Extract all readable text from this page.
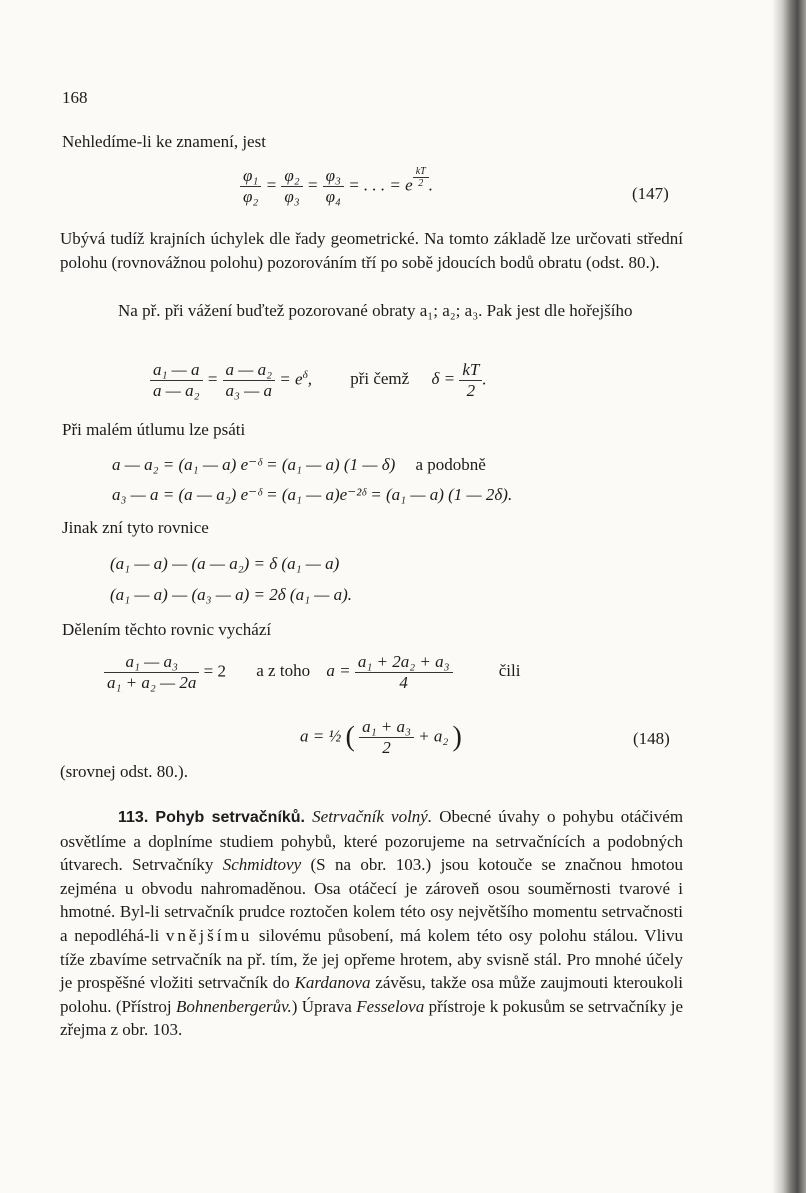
168
Nehledíme-li ke znamení, jest
$\frac{\text{φ₁}}{\text{φ₂}} = \frac{\text{φ₂}}{\text{φ₃}} = \frac{\text{φ₃}}{\text{φ₄}}$ = . . . = e $^{\frac{kT}{2}}$ .	(147)

Ubývá tudíž krajních úchylek dle řady geometrické. Na tomto základě lze určovati střední polohu (rovnovážnou polohu) pozorováním tří po sobě jdoucích bodů obratu (odst. 80.).

Na př. při vážení buďtež pozorované obraty a₁; a₂; a₃. Pak jest dle hořejšího

$\frac{\text{a₁ — a}}{\text{a — a₂}} = \frac{\text{a — a₂}}{\text{a₃ — a}} = e^\delta$, při čemž $\delta = \frac{kT}{2}$ .
Při malém útlumu lze psáti
a — a₂ = (a₁ — a) e⁻ᵟ = (a₁ — a) (1 — δ) a podobně
a₃ — a = (a — a₂) e⁻ᵟ = (a₁ — a)e⁻²ᵟ = (a₁ — a) (1 — 2δ).
Jinak zní tyto rovnice
(a₁ — a) — (a — a₂) = δ (a₁ — a)
(a₁ — a) — (a₃ — a) = 2δ (a₁ — a).
Dělením těchto rovnic vychází
$\frac{\text{a₁ — a₃}}{\text{a₁ + a₂ — 2a}} = 2$ a z toho $a = \frac{\text{a₁ + 2a₂ + a₃}}{4}$	čili
a = ½ ( $\frac{\text{a₁ + a₃}}{2} + a_2$ )	(148)
(srovnej odst. 80.).

113. Pohyb setrvačníků. Setrvačník volný. Obecné úvahy o pohybu otáčivém osvětlíme a doplníme studiem pohybů, které pozorujeme na setrvačnících a podobných útvarech. Setrvačníky Schmidtovy (S na obr. 103.) jsou kotouče se značnou hmotou zejména u obvodu nahromaděnou. Osa otáčecí je zároveň osou souměrnosti tvarové i hmotné. Byl-li setrvačník prudce roztočen kolem této osy největšího momentu setrvačnosti a nepodléhá-li vnějšímu silovému působení, má kolem této osy polohu stálou. Vlivu tíže zbavíme setrvačník na př. tím, že jej opřeme hrotem, aby svisně stál. Pro mnohé účely je prospěšné vložiti setrvačník do Kardanova závěsu, takže osa může zaujmouti kteroukoli polohu. (Přístroj Bohnenbergerův.) Úprava Fesselova přístroje k pokusům se setrvačníky je zřejma z obr. 103.
